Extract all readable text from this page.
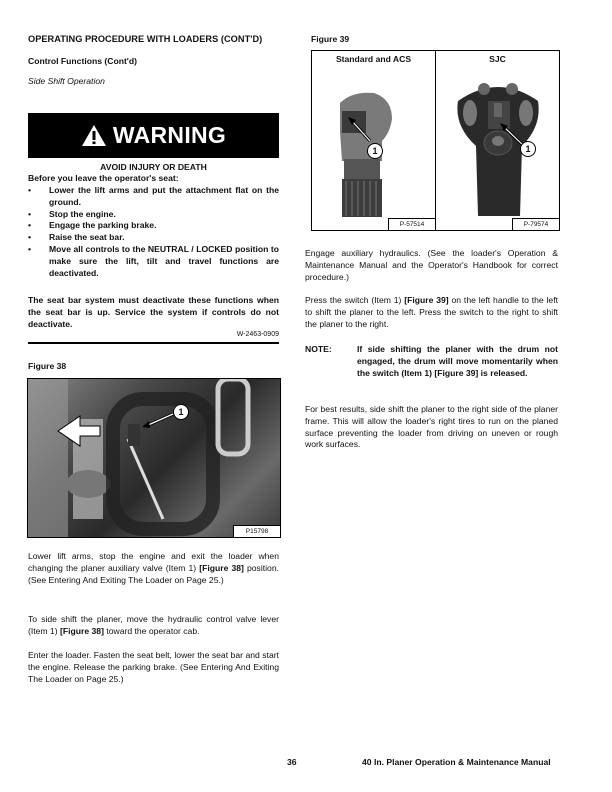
OPERATING PROCEDURE WITH LOADERS (CONT'D)
Control Functions (Cont'd)
Side Shift Operation
WARNING
AVOID INJURY OR DEATH
Before you leave the operator's seat:
• Lower the lift arms and put the attachment flat on the ground.
• Stop the engine.
• Engage the parking brake.
• Raise the seat bar.
• Move all controls to the NEUTRAL / LOCKED position to make sure the lift, tilt and travel functions are deactivated.
The seat bar system must deactivate these functions when the seat bar is up. Service the system if controls do not deactivate.
W-2463-0909
Figure 38
1
P15798
Lower lift arms, stop the engine and exit the loader when changing the planer auxiliary valve (Item 1) [Figure 38] position. (See Entering And Exiting The Loader on Page 25.)
To side shift the planer, move the hydraulic control valve lever (Item 1) [Figure 38] toward the operator cab.
Enter the loader. Fasten the seat belt, lower the seat bar and start the engine. Release the parking brake. (See Entering And Exiting The Loader on Page 25.)
Figure 39
Standard and ACS
1
P-57514
SJC
1
P-79574
Engage auxiliary hydraulics. (See the loader's Operation & Maintenance Manual and the Operator's Handbook for correct procedure.)
Press the switch (Item 1) [Figure 39] on the left handle to the left to shift the planer to the left. Press the switch to the right to shift the planer to the right.
NOTE:	If side shifting the planer with the drum not engaged, the drum will move momentarily when the switch (Item 1) [Figure 39] is released.
For best results, side shift the planer to the right side of the planer frame. This will allow the loader's right tires to run on the planed surface preventing the loader from driving on uneven or rough work surfaces.
36	40 In. Planer Operation & Maintenance Manual
